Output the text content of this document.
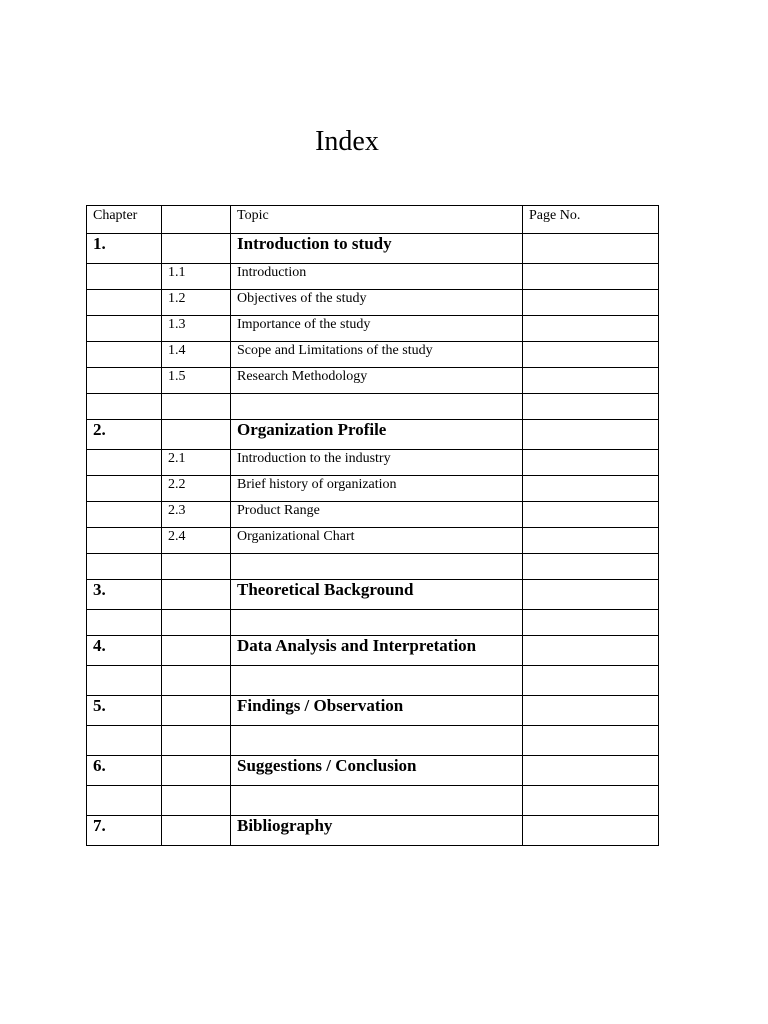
Index
Chapter		Topic	Page No.
1.		Introduction to study	
	1.1	Introduction	
	1.2	Objectives of the study	
	1.3	Importance of the study	
	1.4	Scope and Limitations of the study	
	1.5	Research Methodology	

2.		Organization Profile	
	2.1	Introduction to the industry	
	2.2	Brief history of organization	
	2.3	Product Range	
	2.4	Organizational Chart	

3.		Theoretical Background	

4.		Data Analysis and Interpretation	

5.		Findings / Observation	

6.		Suggestions / Conclusion	

7.		Bibliography	
